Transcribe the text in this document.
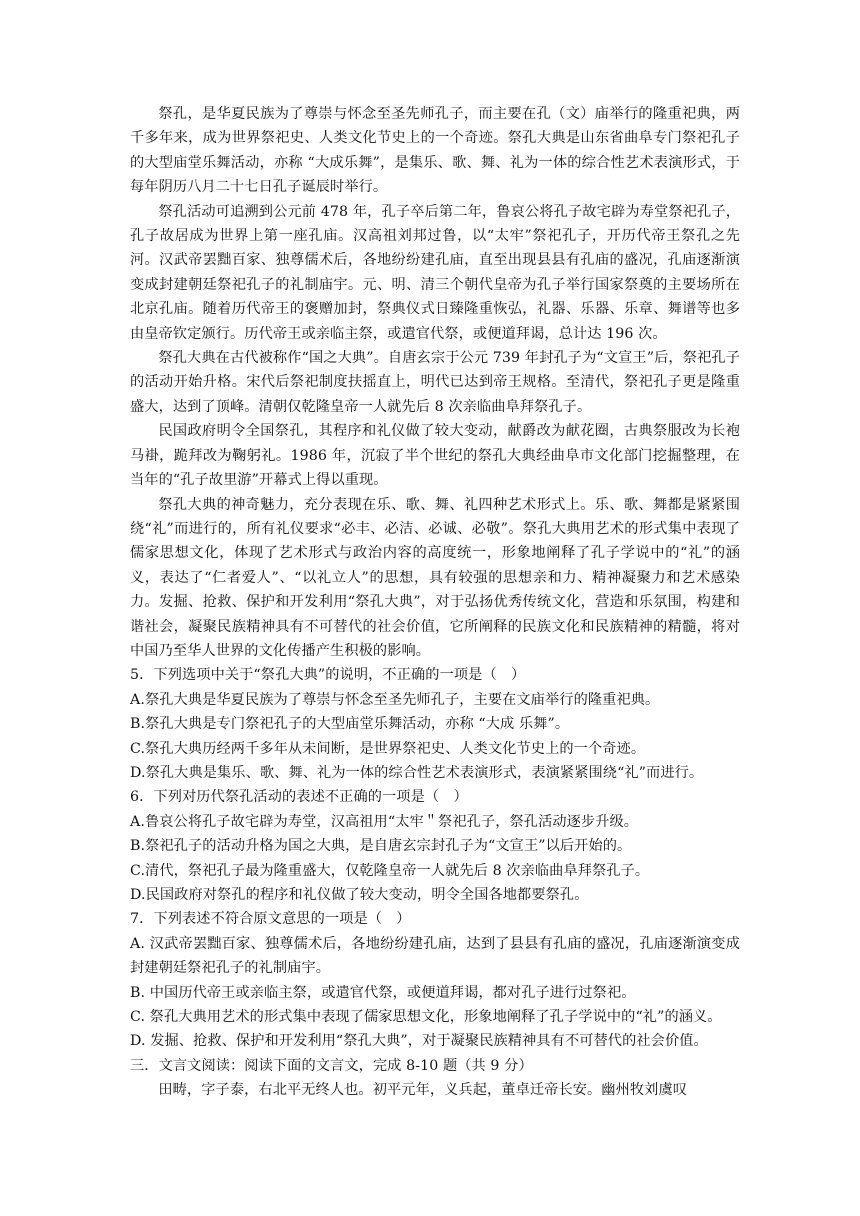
祭孔，是华夏民族为了尊崇与怀念至圣先师孔子，而主要在孔（文）庙举行的隆重祀典，两千多年来，成为世界祭祀史、人类文化节史上的一个奇迹。祭孔大典是山东省曲阜专门祭祀孔子的大型庙堂乐舞活动，亦称 “大成乐舞”，是集乐、歌、舞、礼为一体的综合性艺术表演形式，于每年阴历八月二十七日孔子诞辰时举行。

祭孔活动可追溯到公元前 478 年，孔子卒后第二年，鲁哀公将孔子故宅辟为寿堂祭祀孔子，孔子故居成为世界上第一座孔庙。汉高祖刘邦过鲁，以“太牢”祭祀孔子，开历代帝王祭孔之先河。汉武帝罢黜百家、独尊儒术后，各地纷纷建孔庙，直至出现县县有孔庙的盛况，孔庙逐渐演变成封建朝廷祭祀孔子的礼制庙宇。元、明、清三个朝代皇帝为孔子举行国家祭奠的主要场所在北京孔庙。随着历代帝王的褒赠加封，祭典仪式日臻隆重恢弘，礼器、乐器、乐章、舞谱等也多由皇帝钦定颁行。历代帝王或亲临主祭，或遣官代祭，或便道拜谒，总计达 196 次。

祭孔大典在古代被称作“国之大典”。自唐玄宗于公元 739 年封孔子为“文宣王”后，祭祀孔子的活动开始升格。宋代后祭祀制度扶摇直上，明代已达到帝王规格。至清代，祭祀孔子更是隆重盛大，达到了顶峰。清朝仅乾隆皇帝一人就先后 8 次亲临曲阜拜祭孔子。

民国政府明令全国祭孔，其程序和礼仪做了较大变动，献爵改为献花圈，古典祭服改为长袍马褂，跪拜改为鞠躬礼。1986 年，沉寂了半个世纪的祭孔大典经曲阜市文化部门挖掘整理，在当年的“孔子故里游”开幕式上得以重现。

祭孔大典的神奇魅力，充分表现在乐、歌、舞、礼四种艺术形式上。乐、歌、舞都是紧紧围绕“礼”而进行的，所有礼仪要求“必丰、必洁、必诚、必敬”。祭孔大典用艺术的形式集中表现了儒家思想文化，体现了艺术形式与政治内容的高度统一，形象地阐释了孔子学说中的“礼”的涵义，表达了“仁者爱人”、“以礼立人”的思想，具有较强的思想亲和力、精神凝聚力和艺术感染力。发掘、抢救、保护和开发利用“祭孔大典”，对于弘扬优秀传统文化，营造和乐氛围，构建和谐社会，凝聚民族精神具有不可替代的社会价值，它所阐释的民族文化和民族精神的精髓，将对中国乃至华人世界的文化传播产生积极的影响。

5．下列选项中关于“祭孔大典”的说明，不正确的一项是（　）

A.祭孔大典是华夏民族为了尊崇与怀念至圣先师孔子，主要在文庙举行的隆重祀典。

B.祭孔大典是专门祭祀孔子的大型庙堂乐舞活动，亦称 “大成 乐舞”。

C.祭孔大典历经两千多年从未间断，是世界祭祀史、人类文化节史上的一个奇迹。

D.祭孔大典是集乐、歌、舞、礼为一体的综合性艺术表演形式，表演紧紧围绕“礼”而进行。

6．下列对历代祭孔活动的表述不正确的一项是（　）

A.鲁哀公将孔子故宅辟为寿堂，汉高祖用“太牢＂祭祀孔子，祭孔活动逐步升级。

B.祭祀孔子的活动升格为国之大典，是自唐玄宗封孔子为“文宣王”以后开始的。

C.清代，祭祀孔子最为隆重盛大，仅乾隆皇帝一人就先后 8 次亲临曲阜拜祭孔子。

D.民国政府对祭孔的程序和礼仪做了较大变动，明令全国各地都要祭孔。

7．下列表述不符合原文意思的一项是（　）

A. 汉武帝罢黜百家、独尊儒术后，各地纷纷建孔庙，达到了县县有孔庙的盛况，孔庙逐渐演变成封建朝廷祭祀孔子的礼制庙宇。

B. 中国历代帝王或亲临主祭，或遣官代祭，或便道拜谒，都对孔子进行过祭祀。

C. 祭孔大典用艺术的形式集中表现了儒家思想文化，形象地阐释了孔子学说中的“礼”的涵义。

D. 发掘、抢救、保护和开发利用“祭孔大典”，对于凝聚民族精神具有不可替代的社会价值。

三．文言文阅读：阅读下面的文言文，完成 8-10 题（共 9 分）

田畴，字子泰，右北平无终人也。初平元年，义兵起，董卓迁帝长安。幽州牧刘虞叹
